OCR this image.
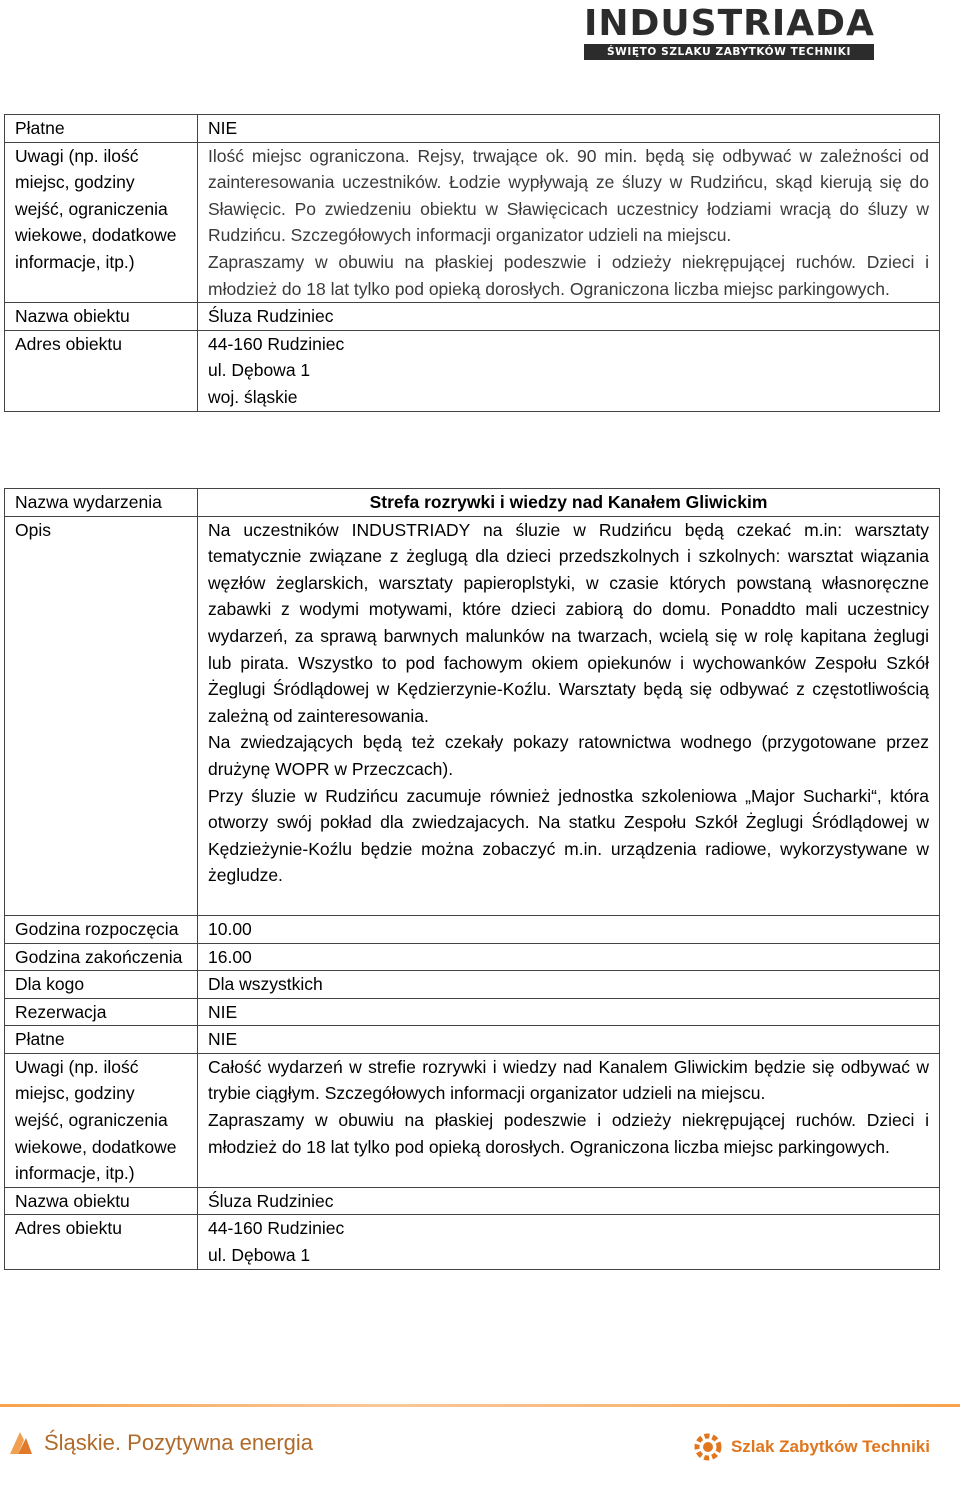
INDUSTRIADA
ŚWIĘTO SZLAKU ZABYTKÓW TECHNIKI
Płatne	NIE
Uwagi (np. ilość miejsc, godziny wejść, ograniczenia wiekowe, dodatkowe informacje, itp.)	Ilość miejsc ograniczona. Rejsy, trwające ok. 90 min. będą się odbywać w zależności od zainteresowania uczestników. Łodzie wypływają ze śluzy w Rudzińcu, skąd kierują się do Sławięcic. Po zwiedzeniu obiektu w Sławięcicach uczestnicy łodziami wracją do śluzy w Rudzińcu. Szczegółowych informacji organizator udzieli na miejscu.
Zapraszamy w obuwiu na płaskiej podeszwie i odzieży niekrępującej ruchów. Dzieci i młodzież do 18 lat tylko pod opieką dorosłych. Ograniczona liczba miejsc parkingowych.

Nazwa obiektu	Śluza Rudziniec
Adres obiektu	44-160 Rudziniec
ul. Dębowa 1
woj. śląskie
Nazwa wydarzenia	Strefa rozrywki i wiedzy nad Kanałem Gliwickim
Opis	Na uczestników INDUSTRIADY na śluzie w Rudzińcu będą czekać m.in: warsztaty tematycznie związane z żeglugą dla dzieci przedszkolnych i szkolnych: warsztat wiązania węzłów żeglarskich, warsztaty papieroplstyki, w czasie których powstaną własnoręczne zabawki z wodymi motywami, które dzieci zabiorą do domu. Ponaddto mali uczestnicy wydarzeń, za sprawą barwnych malunków na twarzach, wcielą się w rolę kapitana żeglugi lub pirata. Wszystko to pod fachowym okiem opiekunów i wychowanków Zespołu Szkół Żeglugi Śródlądowej w Kędzierzynie-Koźlu. Warsztaty będą się odbywać z częstotliwością zależną od zainteresowania.
Na zwiedzających będą też czekały pokazy ratownictwa wodnego (przygotowane przez drużynę WOPR w Przeczcach).
Przy śluzie w Rudzińcu zacumuje również jednostka szkoleniowa „Major Sucharki“, która otworzy swój pokład dla zwiedzajacych. Na statku Zespołu Szkół Żeglugi Śródlądowej w Kędzieżynie-Koźlu będzie można zobaczyć m.in. urządzenia radiowe, wykorzystywane w żegludze.

Godzina rozpoczęcia	10.00
Godzina zakończenia	16.00
Dla kogo	Dla wszystkich
Rezerwacja	NIE
Płatne	NIE
Uwagi (np. ilość miejsc, godziny wejść, ograniczenia wiekowe, dodatkowe informacje, itp.)	Całość wydarzeń w strefie rozrywki i wiedzy nad Kanalem Gliwickim będzie się odbywać w trybie ciągłym. Szczegółowych informacji organizator udzieli na miejscu.
Zapraszamy w obuwiu na płaskiej podeszwie i odzieży niekrępującej ruchów. Dzieci i młodzież do 18 lat tylko pod opieką dorosłych. Ograniczona liczba miejsc parkingowych.

Nazwa obiektu	Śluza Rudziniec
Adres obiektu	44-160 Rudziniec
ul. Dębowa 1
Śląskie. Pozytywna energia	Szlak Zabytków Techniki
